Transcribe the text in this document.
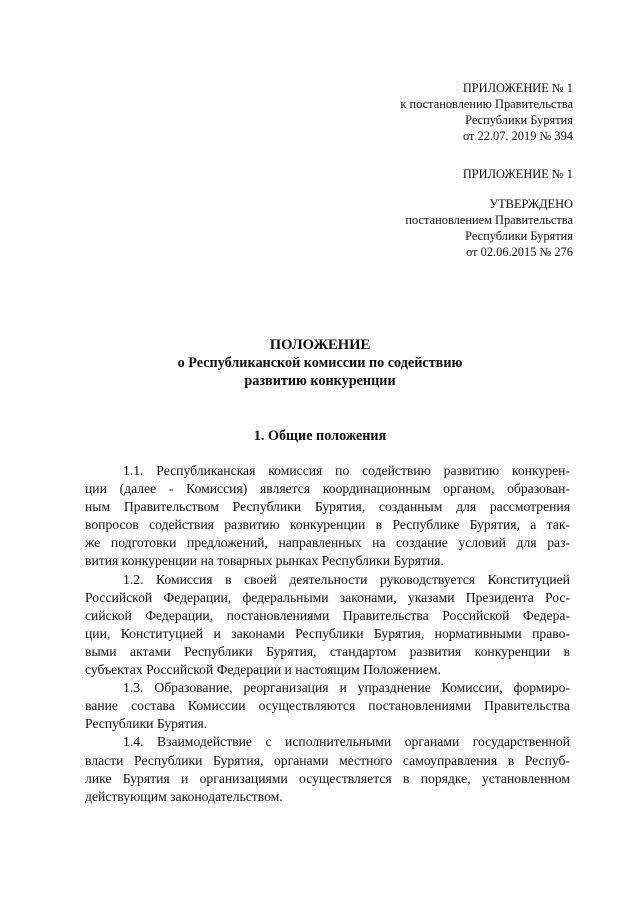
ПРИЛОЖЕНИЕ № 1
к постановлению Правительства
Республики Бурятия
от 22.07. 2019 № 394
ПРИЛОЖЕНИЕ № 1
УТВЕРЖДЕНО
постановлением Правительства
Республики Бурятия
от 02.06.2015 № 276
ПОЛОЖЕНИЕ
о Республиканской комиссии по содействию
развитию конкуренции
1. Общие положения
1.1. Республиканская комиссия по содействию развитию конкурен-
ции (далее - Комиссия) является координационным органом, образован-
ным Правительством Республики Бурятия, созданным для рассмотрения
вопросов содействия развитию конкуренции в Республике Бурятия, а так-
же подготовки предложений, направленных на создание условий для раз-
вития конкуренции на товарных рынках Республики Бурятия.
1.2. Комиссия в своей деятельности руководствуется Конституцией
Российской Федерации, федеральными законами, указами Президента Рос-
сийской Федерации, постановлениями Правительства Российской Федера-
ции, Конституцией и законами Республики Бурятия, нормативными право-
выми актами Республики Бурятия, стандартом развития конкуренции в
субъектах Российской Федерации и настоящим Положением.
1.3. Образование, реорганизация и упразднение Комиссии, формиро-
вание состава Комиссии осуществляются постановлениями Правительства
Республики Бурятия.
1.4. Взаимодействие с исполнительными органами государственной
власти Республики Бурятия, органами местного самоуправления в Респуб-
лике Бурятия и организациями осуществляется в порядке, установленном
действующим законодательством.
